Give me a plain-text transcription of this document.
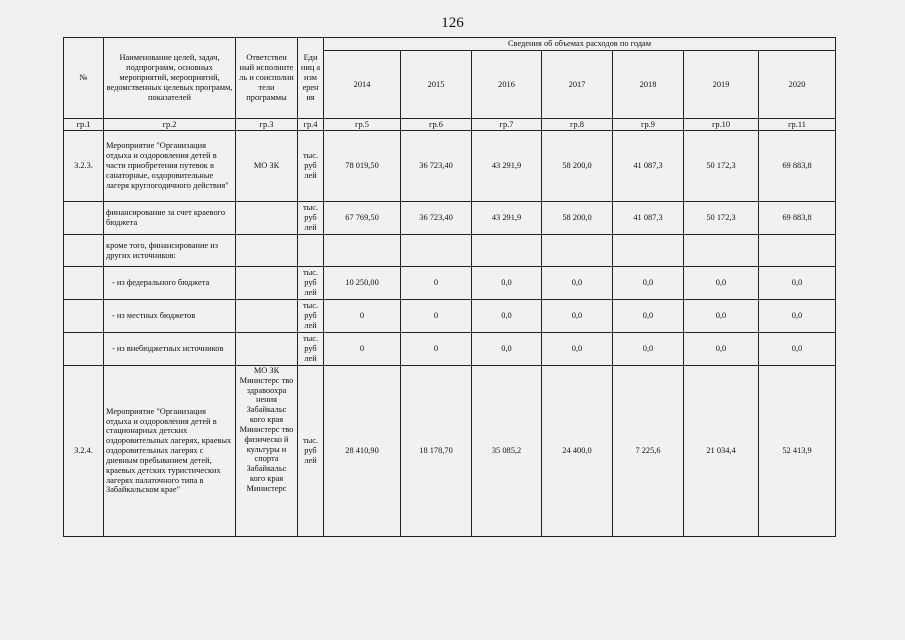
126
№	Наименование целей, задач, подпрограмм, основных мероприятий, мероприятий, ведомственных целевых программ, показателей	Ответствен ный исполните ль и соисполни тели программы	Еди ниц а изм ерен ия	Сведения об объемах расходов по годам						
				2014	2015	2016	2017	2018	2019	2020
гр.1	гр.2	гр.3	гр.4	гр.5	гр.6	гр.7	гр.8	гр.9	гр.10	гр.11
3.2.3.	Мероприятие "Организация отдыха и оздоровления детей в части приобретения путевок в санаторные, оздоровительные лагеря круглогодичного действия"	МО ЗК	тыс. руб лей	78 019,50	36 723,40	43 291,9	58 200,0	41 087,3	50 172,3	69 883,8
	финансирование за счет краевого бюджета		тыс. руб лей	67 769,50	36 723,40	43 291,9	58 200,0	41 087,3	50 172,3	69 883,8
	кроме того, финансирование из других источников:									
	- из федерального бюджета		тыс. руб лей	10 250,00	0	0,0	0,0	0,0	0,0	0,0
	- из местных бюджетов		тыс. руб лей	0	0	0,0	0,0	0,0	0,0	0,0
	- из внебюджетных источников		тыс. руб лей	0	0	0,0	0,0	0,0	0,0	0,0
3.2.4.	Мероприятие "Организация отдыха и оздоровления детей в стационарных детских оздоровительных лагерях, краевых оздоровительных лагерях с дневным пребыванием детей, краевых детских туристических лагерях палаточного типа в Забайкальском крае"	МО ЗК Министерс тво здравоохра нения Забайкальс кого края Министерс тво физическо й культуры и спорта Забайкальс кого края Министерс	тыс. руб лей	28 410,90	18 178,70	35 085,2	24 400,0	7 225,6	21 034,4	52 413,9
